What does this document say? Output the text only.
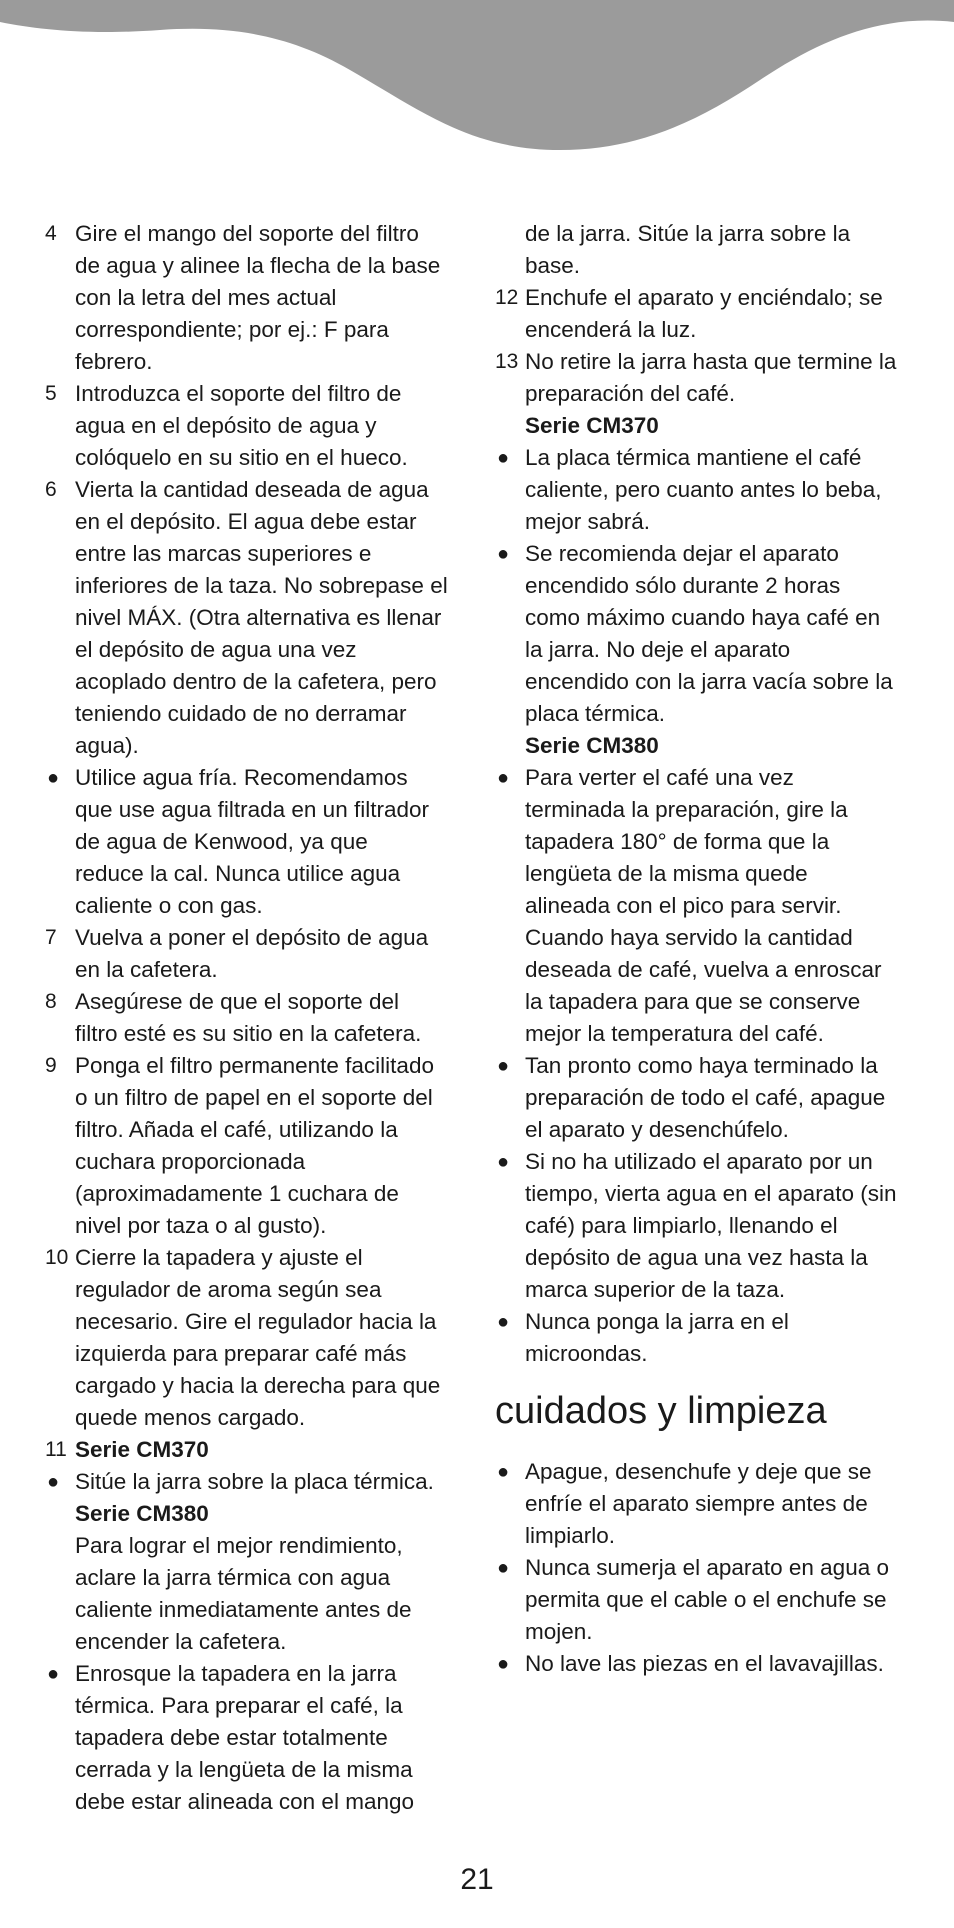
4 Gire el mango del soporte del filtro
de agua y alinee la flecha de la base
con la letra del mes actual
correspondiente; por ej.: F para
febrero.
5 Introduzca el soporte del filtro de
agua en el depósito de agua y
colóquelo en su sitio en el hueco.
6 Vierta la cantidad deseada de agua
en el depósito. El agua debe estar
entre las marcas superiores e
inferiores de la taza. No sobrepase el
nivel MÁX. (Otra alternativa es llenar
el depósito de agua una vez
acoplado dentro de la cafetera, pero
teniendo cuidado de no derramar
agua).
● Utilice agua fría. Recomendamos
que use agua filtrada en un filtrador
de agua de Kenwood, ya que
reduce la cal. Nunca utilice agua
caliente o con gas.
7 Vuelva a poner el depósito de agua
en la cafetera.
8 Asegúrese de que el soporte del
filtro esté es su sitio en la cafetera.
9 Ponga el filtro permanente facilitado
o un filtro de papel en el soporte del
filtro. Añada el café, utilizando la
cuchara proporcionada
(aproximadamente 1 cuchara de
nivel por taza o al gusto).
10 Cierre la tapadera y ajuste el
regulador de aroma según sea
necesario. Gire el regulador hacia la
izquierda para preparar café más
cargado y hacia la derecha para que
quede menos cargado.
11 Serie CM370
● Sitúe la jarra sobre la placa térmica.
Serie CM380
Para lograr el mejor rendimiento,
aclare la jarra térmica con agua
caliente inmediatamente antes de
encender la cafetera.
● Enrosque la tapadera en la jarra
térmica. Para preparar el café, la
tapadera debe estar totalmente
cerrada y la lengüeta de la misma
debe estar alineada con el mango
de la jarra. Sitúe la jarra sobre la
base.
12 Enchufe el aparato y enciéndalo; se
encenderá la luz.
13 No retire la jarra hasta que termine la
preparación del café.
Serie CM370
● La placa térmica mantiene el café
caliente, pero cuanto antes lo beba,
mejor sabrá.
● Se recomienda dejar el aparato
encendido sólo durante 2 horas
como máximo cuando haya café en
la jarra. No deje el aparato
encendido con la jarra vacía sobre la
placa térmica.
Serie CM380
● Para verter el café una vez
terminada la preparación, gire la
tapadera 180° de forma que la
lengüeta de la misma quede
alineada con el pico para servir.
Cuando haya servido la cantidad
deseada de café, vuelva a enroscar
la tapadera para que se conserve
mejor la temperatura del café.
● Tan pronto como haya terminado la
preparación de todo el café, apague
el aparato y desenchúfelo.
● Si no ha utilizado el aparato por un
tiempo, vierta agua en el aparato (sin
café) para limpiarlo, llenando el
depósito de agua una vez hasta la
marca superior de la taza.
● Nunca ponga la jarra en el
microondas.
cuidados y limpieza
● Apague, desenchufe y deje que se
enfríe el aparato siempre antes de
limpiarlo.
● Nunca sumerja el aparato en agua o
permita que el cable o el enchufe se
mojen.
● No lave las piezas en el lavavajillas.
21
